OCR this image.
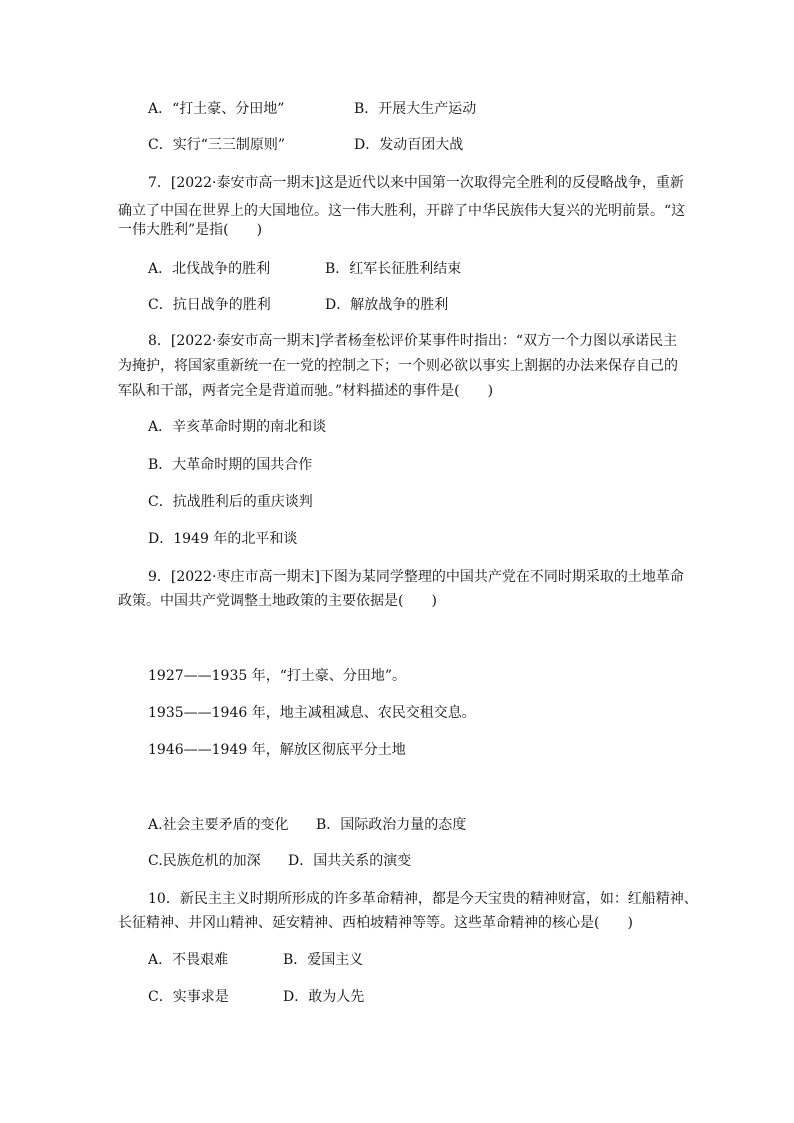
A．“打土豪、分田地”	B．开展大生产运动
C．实行“三三制原则”	D．发动百团大战
7．[2022·泰安市高一期末]这是近代以来中国第一次取得完全胜利的反侵略战争，重新
确立了中国在世界上的大国地位。这一伟大胜利，开辟了中华民族伟大复兴的光明前景。“这
一伟大胜利”是指(　　)
A．北伐战争的胜利	B．红军长征胜利结束
C．抗日战争的胜利	D．解放战争的胜利
8．[2022·泰安市高一期末]学者杨奎松评价某事件时指出：“双方一个力图以承诺民主
为掩护，将国家重新统一在一党的控制之下；一个则必欲以事实上割据的办法来保存自己的
军队和干部，两者完全是背道而驰。”材料描述的事件是(　　)
A．辛亥革命时期的南北和谈
B．大革命时期的国共合作
C．抗战胜利后的重庆谈判
D．1949 年的北平和谈
9．[2022·枣庄市高一期末]下图为某同学整理的中国共产党在不同时期采取的土地革命
政策。中国共产党调整土地政策的主要依据是(　　)
1927——1935 年，“打土豪、分田地”。
1935——1946 年，地主减租减息、农民交租交息。
1946——1949 年，解放区彻底平分土地
A.社会主要矛盾的变化 B．国际政治力量的态度
C.民族危机的加深 D．国共关系的演变
10．新民主主义时期所形成的许多革命精神，都是今天宝贵的精神财富，如：红船精神、
长征精神、井冈山精神、延安精神、西柏坡精神等等。这些革命精神的核心是(　　)
A．不畏艰难	B．爱国主义
C．实事求是	D．敢为人先
